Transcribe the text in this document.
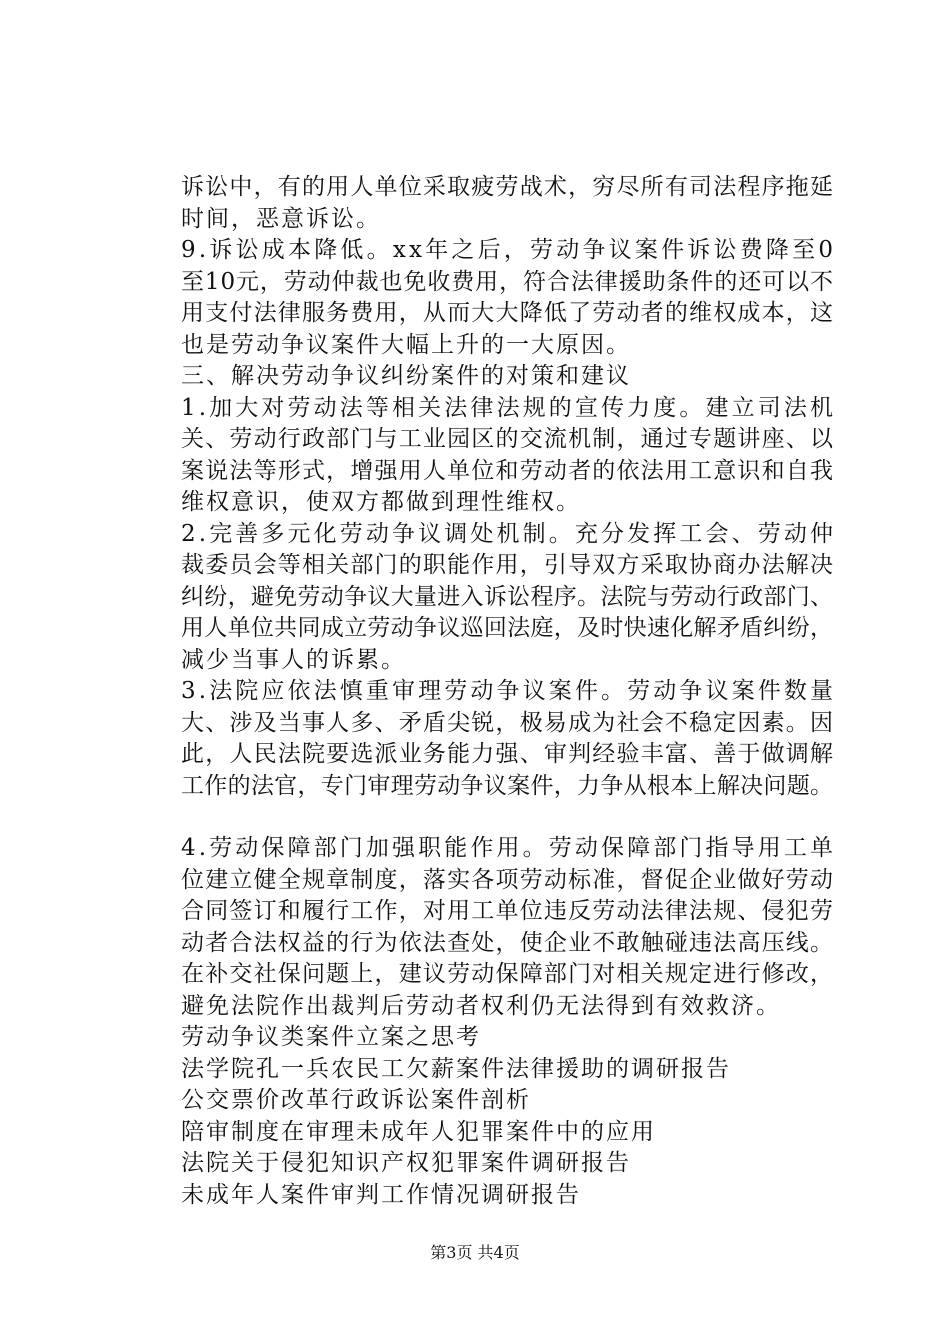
诉讼中，有的用人单位采取疲劳战术，穷尽所有司法程序拖延
时间，恶意诉讼。
9.诉讼成本降低。xx年之后，劳动争议案件诉讼费降至0
至10元，劳动仲裁也免收费用，符合法律援助条件的还可以不
用支付法律服务费用，从而大大降低了劳动者的维权成本，这
也是劳动争议案件大幅上升的一大原因。
三、解决劳动争议纠纷案件的对策和建议
1.加大对劳动法等相关法律法规的宣传力度。建立司法机
关、劳动行政部门与工业园区的交流机制，通过专题讲座、以
案说法等形式，增强用人单位和劳动者的依法用工意识和自我
维权意识，使双方都做到理性维权。
2.完善多元化劳动争议调处机制。充分发挥工会、劳动仲
裁委员会等相关部门的职能作用，引导双方采取协商办法解决
纠纷，避免劳动争议大量进入诉讼程序。法院与劳动行政部门、
用人单位共同成立劳动争议巡回法庭，及时快速化解矛盾纠纷，
减少当事人的诉累。
3.法院应依法慎重审理劳动争议案件。劳动争议案件数量
大、涉及当事人多、矛盾尖锐，极易成为社会不稳定因素。因
此，人民法院要选派业务能力强、审判经验丰富、善于做调解
工作的法官，专门审理劳动争议案件，力争从根本上解决问题。
4.劳动保障部门加强职能作用。劳动保障部门指导用工单
位建立健全规章制度，落实各项劳动标准，督促企业做好劳动
合同签订和履行工作，对用工单位违反劳动法律法规、侵犯劳
动者合法权益的行为依法查处，使企业不敢触碰违法高压线。
在补交社保问题上，建议劳动保障部门对相关规定进行修改，
避免法院作出裁判后劳动者权利仍无法得到有效救济。
劳动争议类案件立案之思考
法学院孔一兵农民工欠薪案件法律援助的调研报告
公交票价改革行政诉讼案件剖析
陪审制度在审理未成年人犯罪案件中的应用
法院关于侵犯知识产权犯罪案件调研报告
未成年人案件审判工作情况调研报告
第3页 共4页
